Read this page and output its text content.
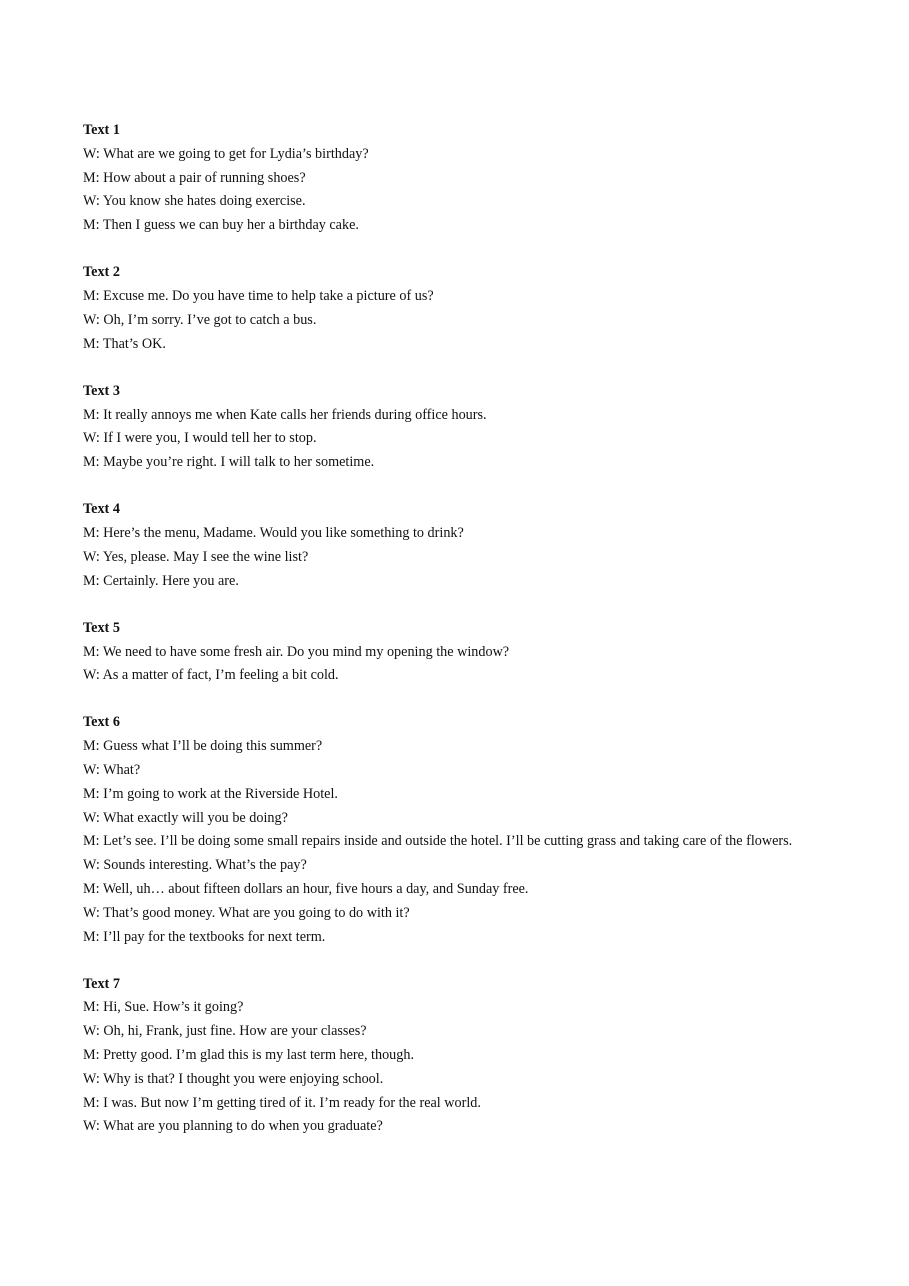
Text 1
W: What are we going to get for Lydia’s birthday?
M: How about a pair of running shoes?
W: You know she hates doing exercise.
M: Then I guess we can buy her a birthday cake.
Text 2
M: Excuse me. Do you have time to help take a picture of us?
W: Oh, I’m sorry. I’ve got to catch a bus.
M: That’s OK.
Text 3
M: It really annoys me when Kate calls her friends during office hours.
W: If I were you, I would tell her to stop.
M: Maybe you’re right. I will talk to her sometime.
Text 4
M: Here’s the menu, Madame. Would you like something to drink?
W: Yes, please. May I see the wine list?
M: Certainly. Here you are.
Text 5
M: We need to have some fresh air. Do you mind my opening the window?
W: As a matter of fact, I’m feeling a bit cold.
Text 6
M: Guess what I’ll be doing this summer?
W: What?
M: I’m going to work at the Riverside Hotel.
W: What exactly will you be doing?
M: Let’s see. I’ll be doing some small repairs inside and outside the hotel. I’ll be cutting grass and taking care of the flowers.
W: Sounds interesting. What’s the pay?
M: Well, uh… about fifteen dollars an hour, five hours a day, and Sunday free.
W: That’s good money. What are you going to do with it?
M: I’ll pay for the textbooks for next term.
Text 7
M: Hi, Sue. How’s it going?
W: Oh, hi, Frank, just fine. How are your classes?
M: Pretty good. I’m glad this is my last term here, though.
W: Why is that? I thought you were enjoying school.
M: I was. But now I’m getting tired of it. I’m ready for the real world.
W: What are you planning to do when you graduate?
